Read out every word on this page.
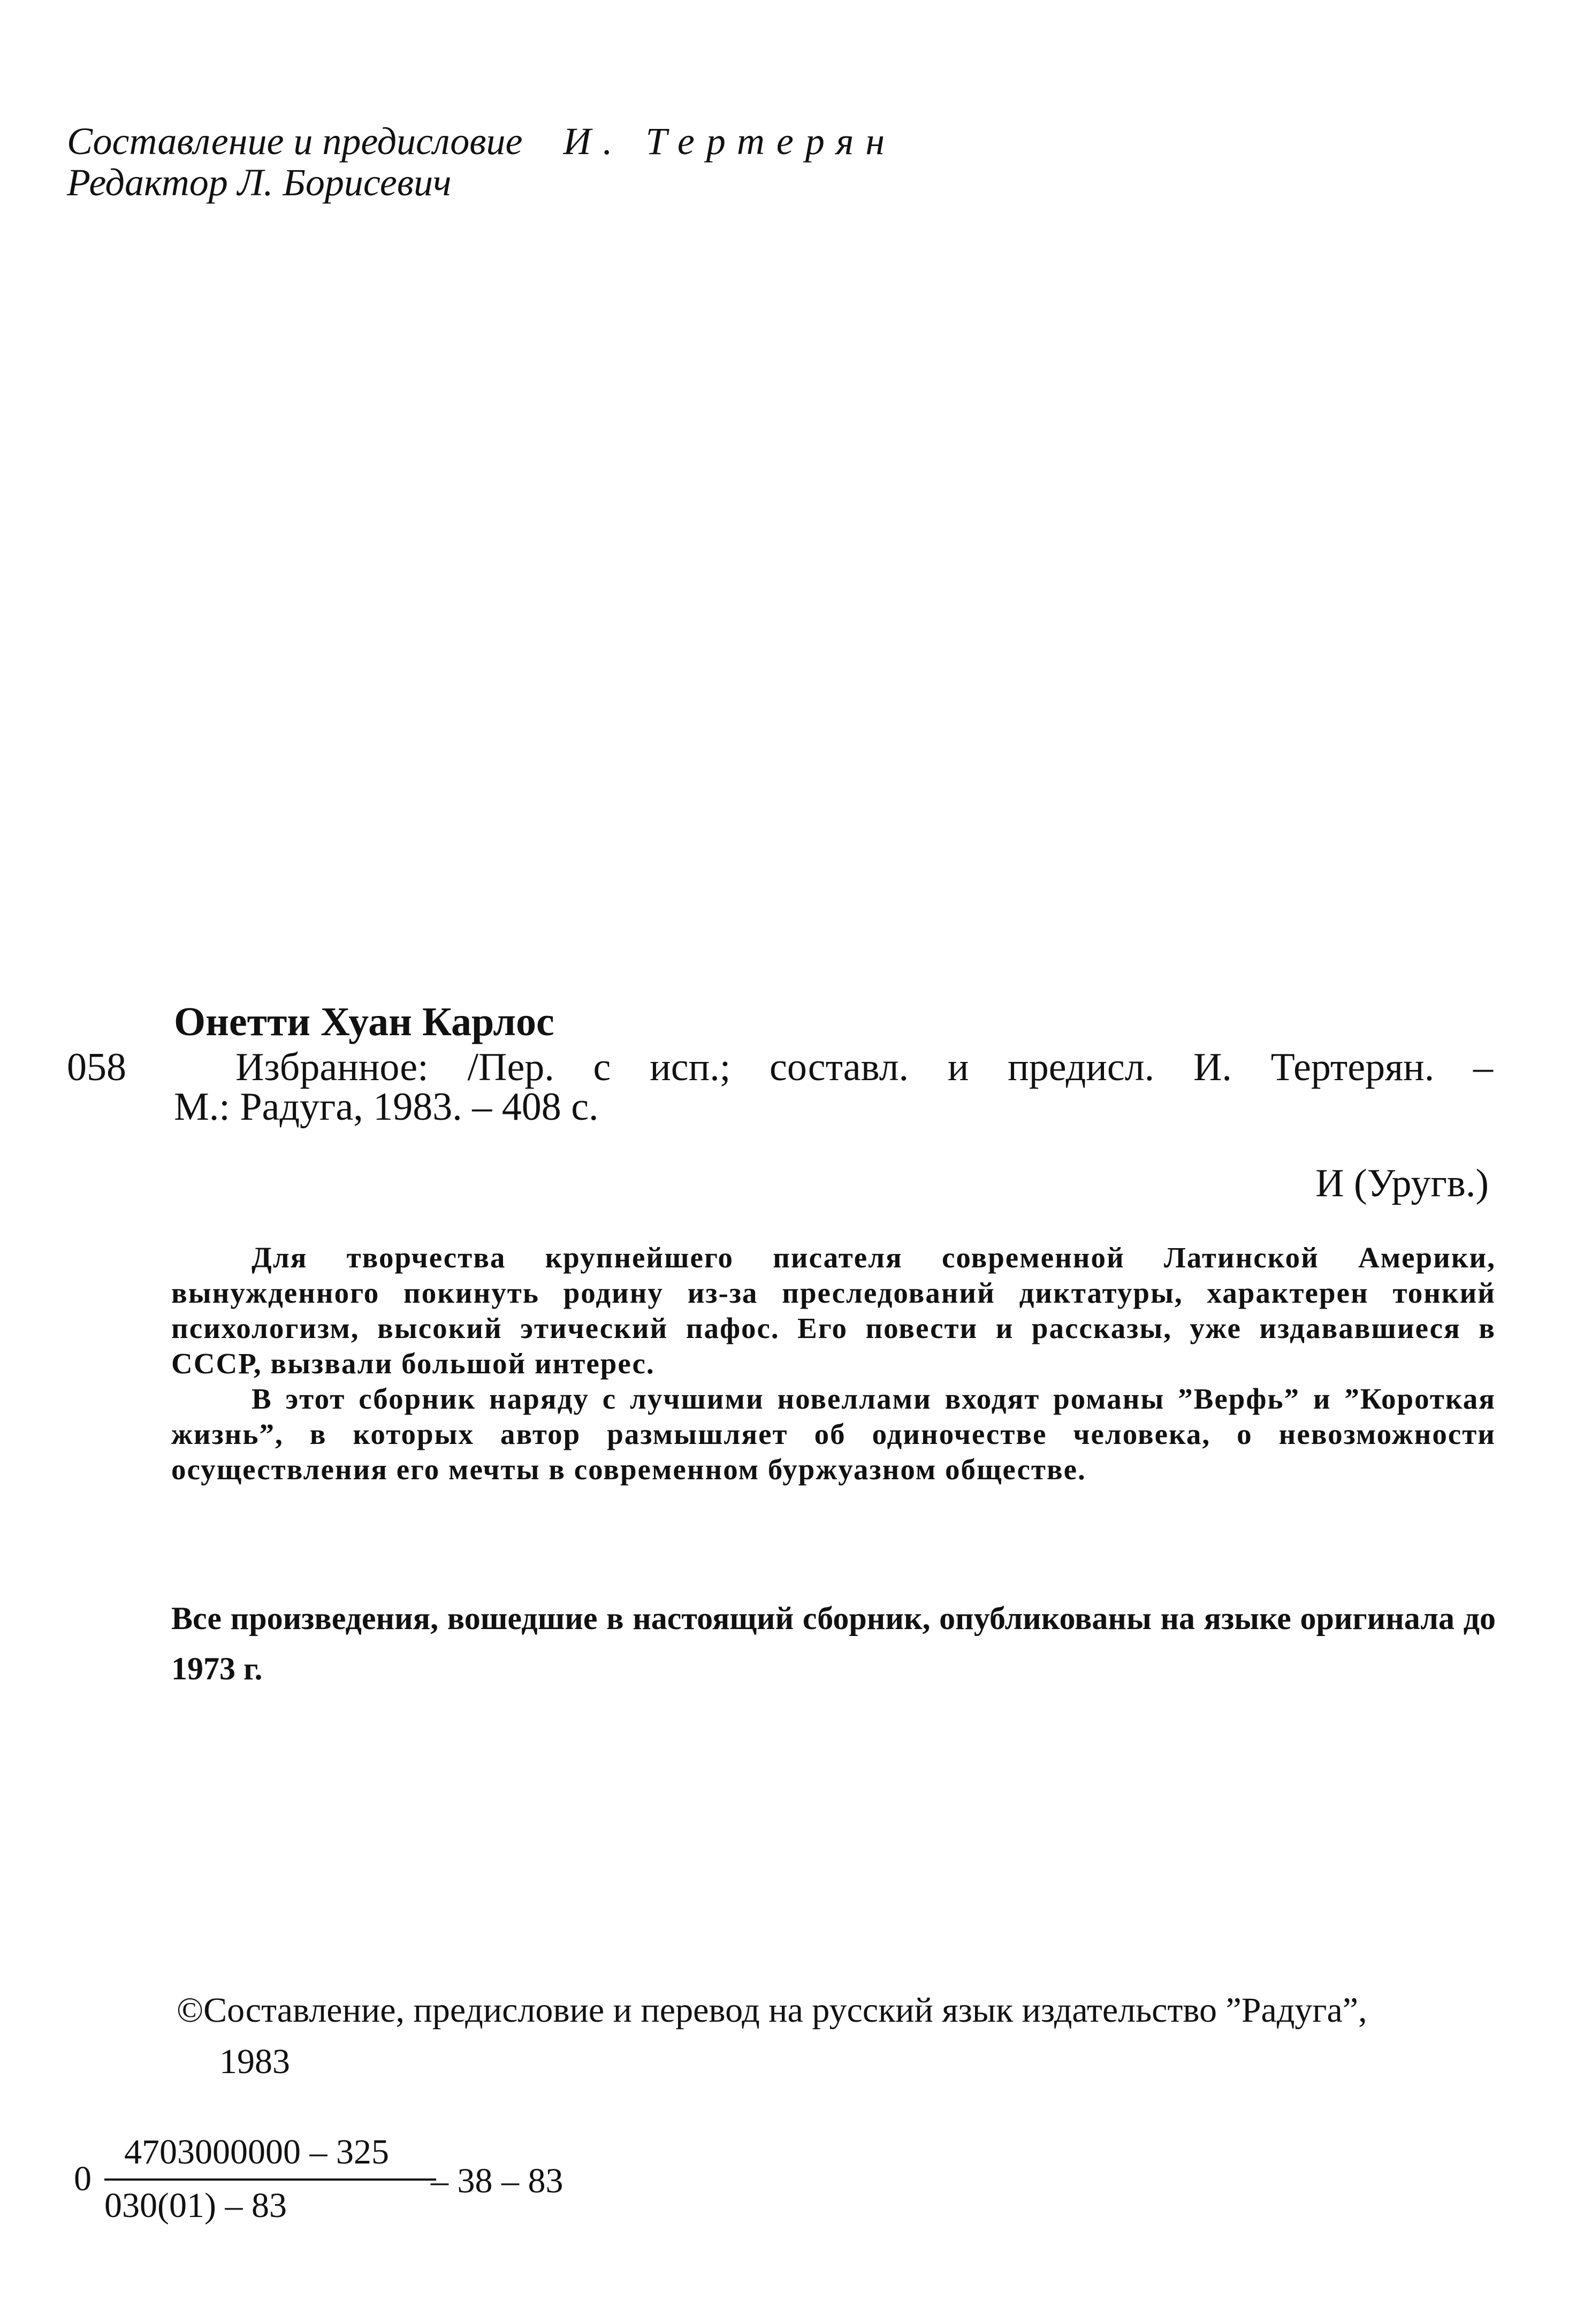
Составление и предисловие И. Тертерян
Редактор Л. Борисевич
Онетти Хуан Карлос
058	Избранное: /Пер. с исп.; составл. и предисл. И. Тертерян. –
М.: Радуга, 1983. – 408 с.
И (Уругв.)

Для творчества крупнейшего писателя современной Латинской Америки, вынужденного покинуть родину из-за преследований диктатуры, характерен тонкий психологизм, высокий этический пафос. Его повести и рассказы, уже издававшиеся в СССР, вызвали большой интерес.

В этот сборник наряду с лучшими новеллами входят романы ”Верфь” и ”Короткая жизнь”, в которых автор размышляет об одиночестве человека, о невозможности осуществления его мечты в современном буржуазном обществе.

Все произведения, вошедшие в настоящий сборник, опубликованы на языке оригинала до 1973 г.
©Составление, предисловие и перевод на русский язык издательство ”Радуга”,
1983
0
4703000000 – 325
030(01) – 83
– 38 – 83
